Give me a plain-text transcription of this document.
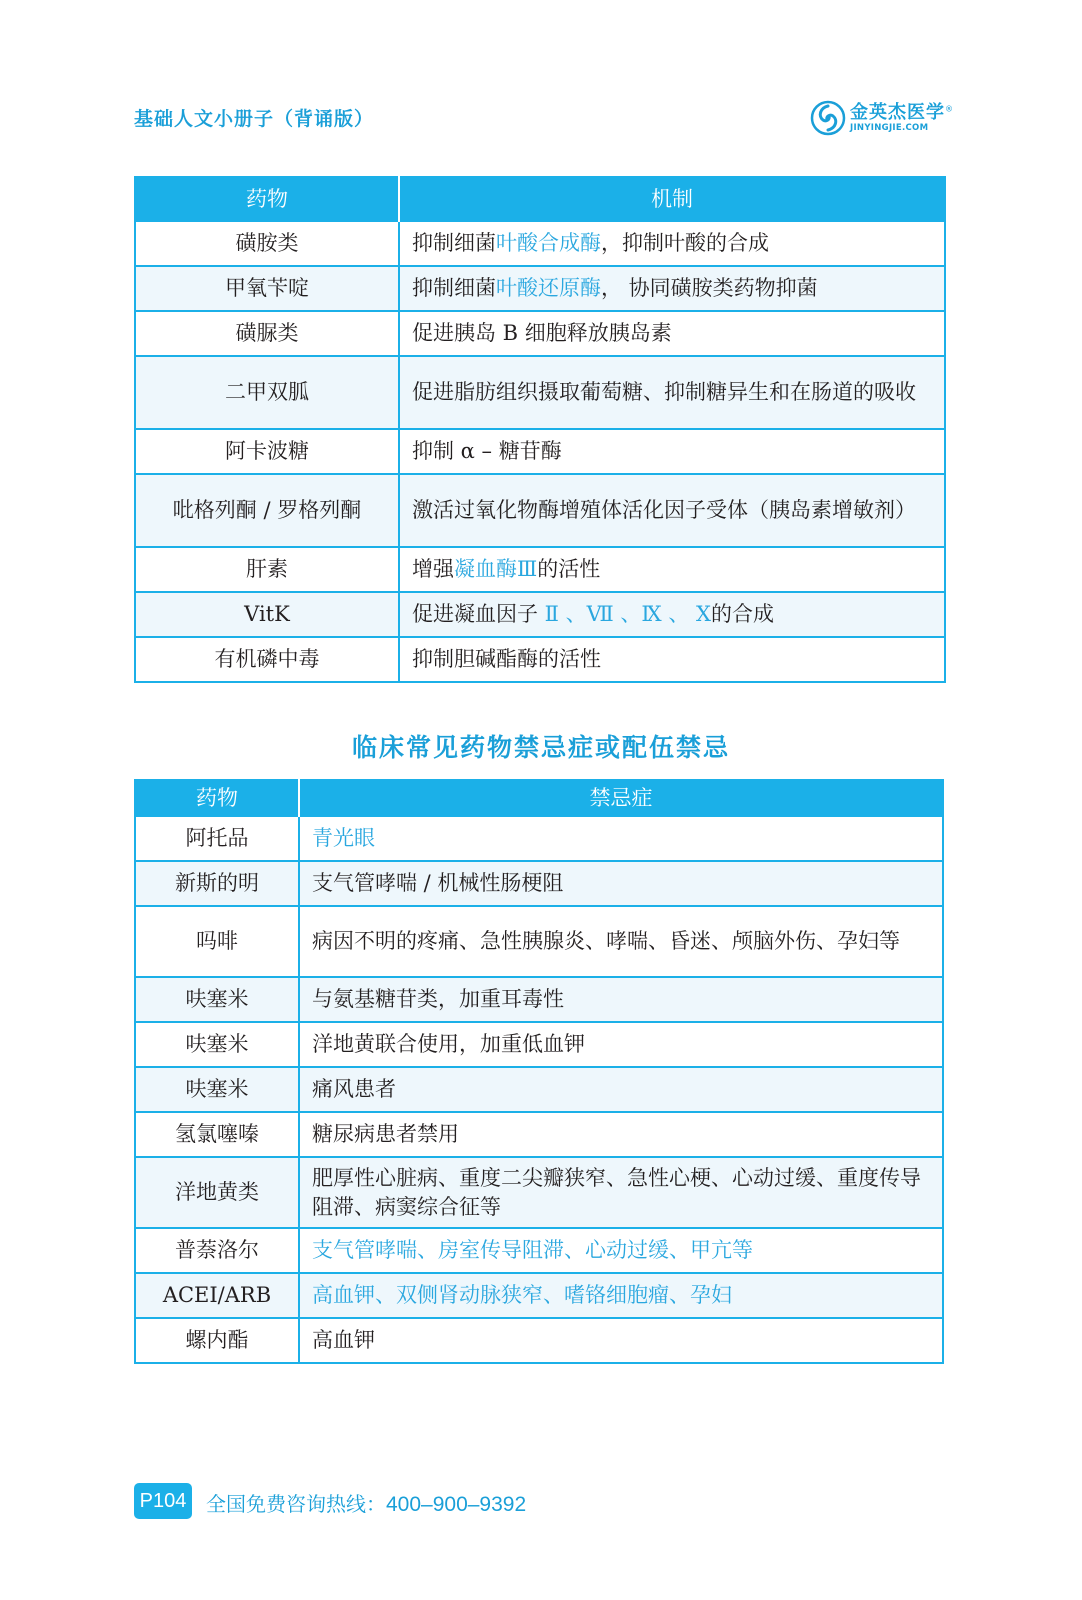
基础人文小册子（背诵版）	金英杰医学®
JINYINGJIE.COM
药物	机制
磺胺类	抑制细菌叶酸合成酶，抑制叶酸的合成
甲氧苄啶	抑制细菌叶酸还原酶， 协同磺胺类药物抑菌
磺脲类	促进胰岛 B 细胞释放胰岛素
二甲双胍	促进脂肪组织摄取葡萄糖、抑制糖异生和在肠道的吸收
阿卡波糖	抑制 α – 糖苷酶
吡格列酮 / 罗格列酮	激活过氧化物酶增殖体活化因子受体（胰岛素增敏剂）
肝素	增强凝血酶Ⅲ的活性
VitK	促进凝血因子 Ⅱ 、Ⅶ 、Ⅸ 、 Ⅹ的合成
有机磷中毒	抑制胆碱酯酶的活性
临床常见药物禁忌症或配伍禁忌
药物	禁忌症
阿托品	青光眼
新斯的明	支气管哮喘 / 机械性肠梗阻
吗啡	病因不明的疼痛、急性胰腺炎、哮喘、昏迷、颅脑外伤、孕妇等
呋塞米	与氨基糖苷类，加重耳毒性
呋塞米	洋地黄联合使用，加重低血钾
呋塞米	痛风患者
氢氯噻嗪	糖尿病患者禁用
洋地黄类	肥厚性心脏病、重度二尖瓣狭窄、急性心梗、心动过缓、重度传导阻滞、病窦综合征等
普萘洛尔	支气管哮喘、房室传导阻滞、心动过缓、甲亢等
ACEI/ARB	高血钾、双侧肾动脉狭窄、嗜铬细胞瘤、孕妇
螺内酯	高血钾
P104 全国免费咨询热线：400–900–9392
